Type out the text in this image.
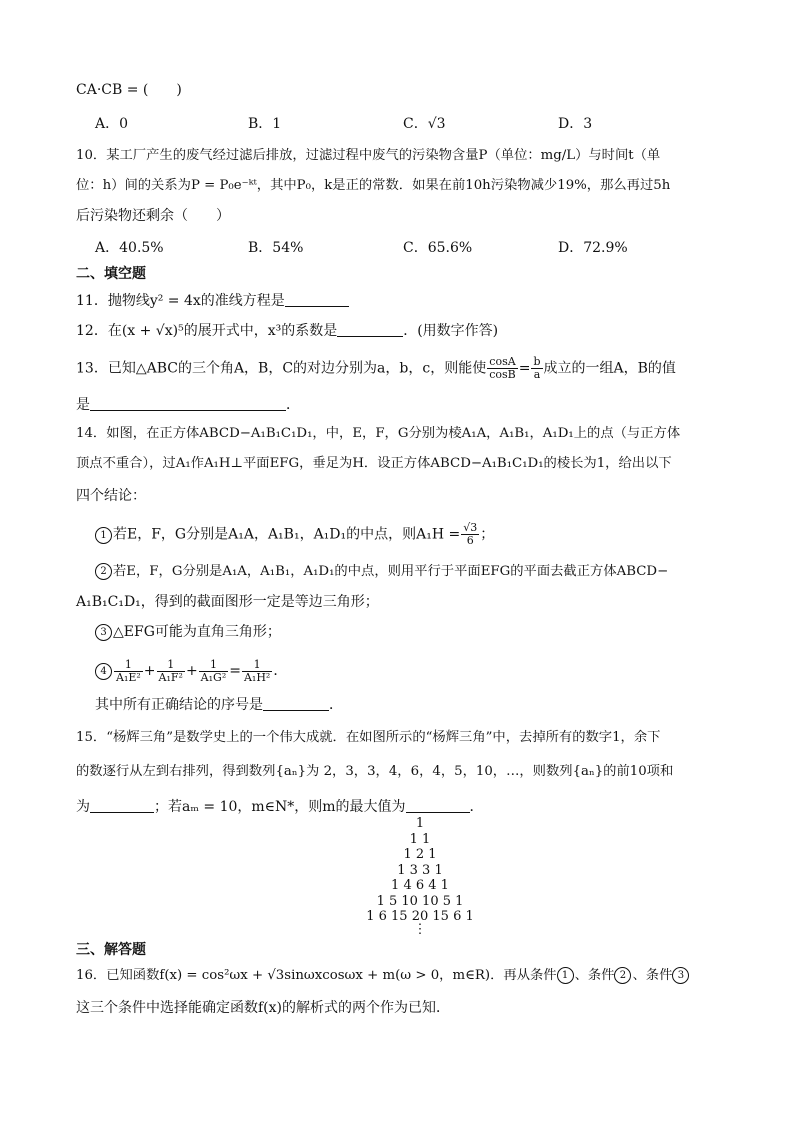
CA·CB = (　　)
A．0	B．1	C．√3	D．3
10．某工厂产生的废气经过滤后排放，过滤过程中废气的污染物含量P（单位：mg/L）与时间t（单
位：h）间的关系为P = P₀e⁻ᵏᵗ，其中P₀，k是正的常数．如果在前10h污染物减少19%，那么再过5h
后污染物还剩余（　　）
A．40.5%	B．54%	C．65.6%	D．72.9%
二、填空题
11．抛物线y² = 4x的准线方程是
12．在(x + √x)⁵的展开式中，x³的系数是	．(用数字作答)
13．已知△ABC的三个角A，B，C的对边分别为a，b，c，则能使 $\frac{\cos A}{\cos B} = \frac{b}{a}$ 成立的一组A，B的值
是	．
14．如图，在正方体ABCD−A₁B₁C₁D₁，中，E，F，G分别为棱A₁A，A₁B₁，A₁D₁上的点（与正方体
顶点不重合），过A₁作A₁H⊥平面EFG，垂足为H．设正方体ABCD−A₁B₁C₁D₁的棱长为1，给出以下
四个结论：
1 若E，F，G分别是A₁A，A₁B₁，A₁D₁的中点，则$A_1H = \frac{√3}{6}$ ；
2 若E，F，G分别是A₁A，A₁B₁，A₁D₁的中点，则用平行于平面EFG的平面去截正方体ABCD−
A₁B₁C₁D₁，得到的截面图形一定是等边三角形；
3 △EFG可能为直角三角形；
$4 \frac{1}{\text{A₁E²}} + \frac{1}{\text{A₁F²}} + \frac{1}{\text{A₁G²}} = \frac{1}{\text{A₁H²}}$ ．
其中所有正确结论的序号是	．
15．“杨辉三角”是数学史上的一个伟大成就．在如图所示的“杨辉三角”中，去掉所有的数字1，余下
的数逐行从左到右排列，得到数列{aₙ}为 2，3，3，4，6，4，5，10，…，则数列{aₙ}的前10项和
为	；若aₘ = 10，m∈N*，则m的最大值为	．
1
1 1
1 2 1
1 3 3 1
1 4 6 4 1
1 5 10 10 5 1
1 6 15 20 15 6 1
⋮
三、解答题
16．已知函数f(x) = cos²ωx + √3sinωxcosωx + m(ω > 0，m∈R)．再从条件 1 、条件 2 、条件 3
这三个条件中选择能确定函数f(x)的解析式的两个作为已知．
